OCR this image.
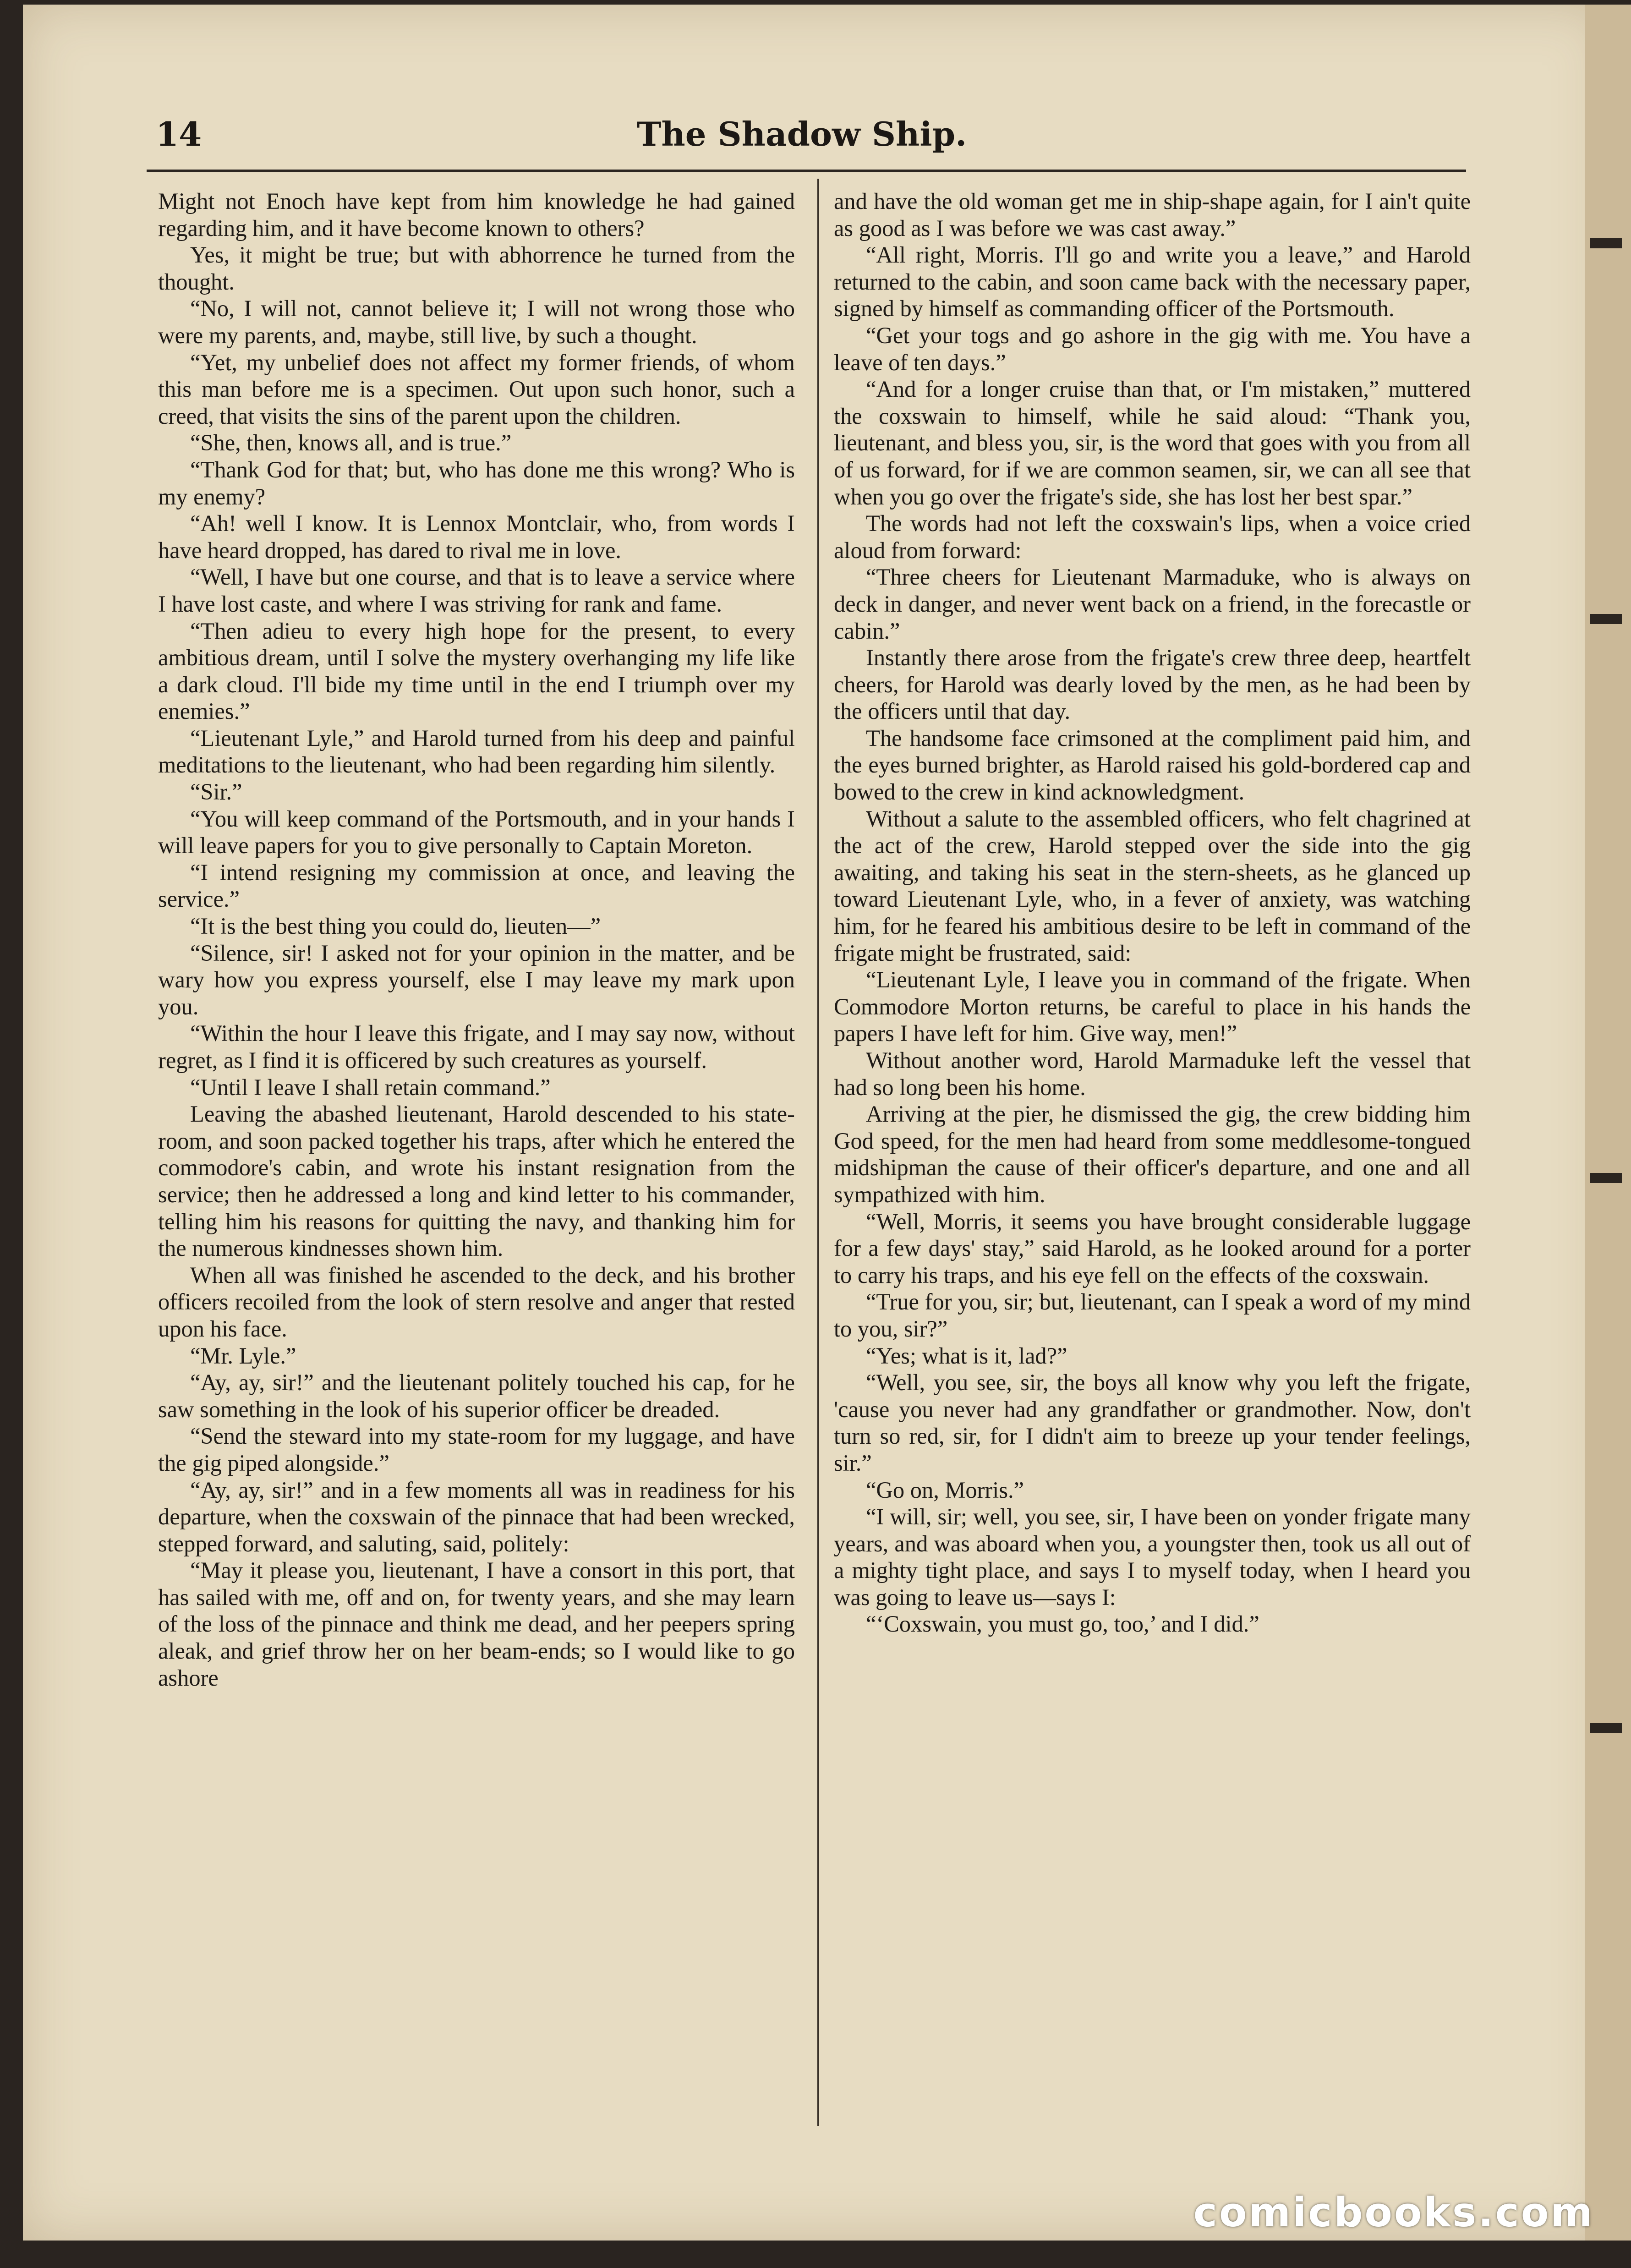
14	The Shadow Ship.

Might not Enoch have kept from him knowledge he had gained regarding him, and it have become known to others?

Yes, it might be true; but with abhorrence he turned from the thought.

“No, I will not, cannot believe it; I will not wrong those who were my parents, and, maybe, still live, by such a thought.

“Yet, my unbelief does not affect my former friends, of whom this man before me is a specimen. Out upon such honor, such a creed, that visits the sins of the parent upon the children.

“She, then, knows all, and is true.”

“Thank God for that; but, who has done me this wrong? Who is my enemy?

“Ah! well I know. It is Lennox Montclair, who, from words I have heard dropped, has dared to rival me in love.

“Well, I have but one course, and that is to leave a service where I have lost caste, and where I was striving for rank and fame.

“Then adieu to every high hope for the present, to every ambitious dream, until I solve the mystery overhanging my life like a dark cloud. I'll bide my time until in the end I triumph over my enemies.”

“Lieutenant Lyle,” and Harold turned from his deep and painful meditations to the lieutenant, who had been regarding him silently.

“Sir.”

“You will keep command of the Portsmouth, and in your hands I will leave papers for you to give personally to Captain Moreton.

“I intend resigning my commission at once, and leaving the service.”

“It is the best thing you could do, lieuten—”

“Silence, sir! I asked not for your opinion in the matter, and be wary how you express yourself, else I may leave my mark upon you.

“Within the hour I leave this frigate, and I may say now, without regret, as I find it is officered by such creatures as yourself.

“Until I leave I shall retain command.”

Leaving the abashed lieutenant, Harold descended to his state-room, and soon packed together his traps, after which he entered the commodore's cabin, and wrote his instant resignation from the service; then he addressed a long and kind letter to his commander, telling him his reasons for quitting the navy, and thanking him for the numerous kindnesses shown him.

When all was finished he ascended to the deck, and his brother officers recoiled from the look of stern resolve and anger that rested upon his face.

“Mr. Lyle.”

“Ay, ay, sir!” and the lieutenant politely touched his cap, for he saw something in the look of his superior officer be dreaded.

“Send the steward into my state-room for my luggage, and have the gig piped alongside.”

“Ay, ay, sir!” and in a few moments all was in readiness for his departure, when the coxswain of the pinnace that had been wrecked, stepped forward, and saluting, said, politely:

“May it please you, lieutenant, I have a consort in this port, that has sailed with me, off and on, for twenty years, and she may learn of the loss of the pinnace and think me dead, and her peepers spring aleak, and grief throw her on her beam-ends; so I would like to go ashore

and have the old woman get me in ship-shape again, for I ain't quite as good as I was before we was cast away.”

“All right, Morris. I'll go and write you a leave,” and Harold returned to the cabin, and soon came back with the necessary paper, signed by himself as commanding officer of the Portsmouth.

“Get your togs and go ashore in the gig with me. You have a leave of ten days.”

“And for a longer cruise than that, or I'm mistaken,” muttered the coxswain to himself, while he said aloud: “Thank you, lieutenant, and bless you, sir, is the word that goes with you from all of us forward, for if we are common seamen, sir, we can all see that when you go over the frigate's side, she has lost her best spar.”

The words had not left the coxswain's lips, when a voice cried aloud from forward:

“Three cheers for Lieutenant Marmaduke, who is always on deck in danger, and never went back on a friend, in the forecastle or cabin.”

Instantly there arose from the frigate's crew three deep, heartfelt cheers, for Harold was dearly loved by the men, as he had been by the officers until that day.

The handsome face crimsoned at the compliment paid him, and the eyes burned brighter, as Harold raised his gold-bordered cap and bowed to the crew in kind acknowledgment.

Without a salute to the assembled officers, who felt chagrined at the act of the crew, Harold stepped over the side into the gig awaiting, and taking his seat in the stern-sheets, as he glanced up toward Lieutenant Lyle, who, in a fever of anxiety, was watching him, for he feared his ambitious desire to be left in command of the frigate might be frustrated, said:

“Lieutenant Lyle, I leave you in command of the frigate. When Commodore Morton returns, be careful to place in his hands the papers I have left for him. Give way, men!”

Without another word, Harold Marmaduke left the vessel that had so long been his home.

Arriving at the pier, he dismissed the gig, the crew bidding him God speed, for the men had heard from some meddlesome-tongued midshipman the cause of their officer's departure, and one and all sympathized with him.

“Well, Morris, it seems you have brought considerable luggage for a few days' stay,” said Harold, as he looked around for a porter to carry his traps, and his eye fell on the effects of the coxswain.

“True for you, sir; but, lieutenant, can I speak a word of my mind to you, sir?”

“Yes; what is it, lad?”

“Well, you see, sir, the boys all know why you left the frigate, 'cause you never had any grandfather or grandmother. Now, don't turn so red, sir, for I didn't aim to breeze up your tender feelings, sir.”

“Go on, Morris.”

“I will, sir; well, you see, sir, I have been on yonder frigate many years, and was aboard when you, a youngster then, took us all out of a mighty tight place, and says I to myself today, when I heard you was going to leave us—says I:

“‘Coxswain, you must go, too,’ and I did.”

comicbooks.com
